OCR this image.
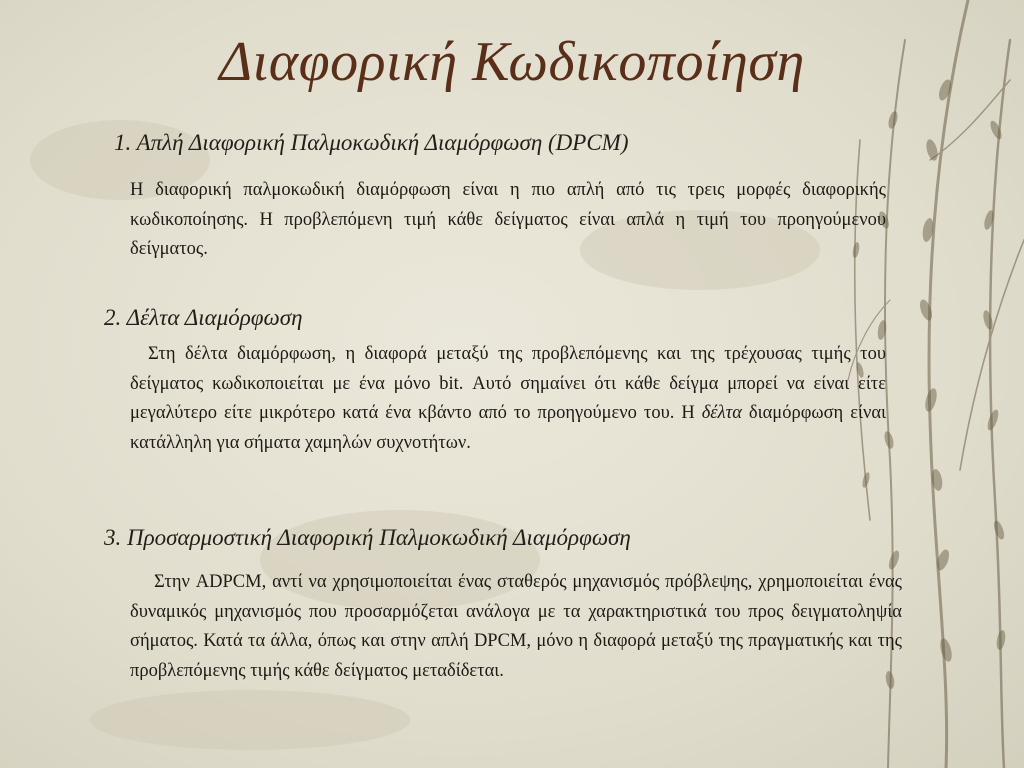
Διαφορική Κωδικοποίηση
1. Απλή Διαφορική Παλμοκωδική Διαμόρφωση (DPCM)
Η διαφορική παλμοκωδική διαμόρφωση είναι η πιο απλή από τις τρεις μορφές διαφορικής κωδικοποίησης. Η προβλεπόμενη τιμή κάθε δείγματος είναι απλά η τιμή του προηγούμενου δείγματος.
2. Δέλτα Διαμόρφωση
Στη δέλτα διαμόρφωση, η διαφορά μεταξύ της προβλεπόμενης και της τρέχουσας τιμής του δείγματος κωδικοποιείται με ένα μόνο bit. Αυτό σημαίνει ότι κάθε δείγμα μπορεί να είναι είτε μεγαλύτερο είτε μικρότερο κατά ένα κβάντο από το προηγούμενο του. Η δέλτα διαμόρφωση είναι κατάλληλη για σήματα χαμηλών συχνοτήτων.
3. Προσαρμοστική Διαφορική Παλμοκωδική Διαμόρφωση
Στην ADPCM, αντί να χρησιμοποιείται ένας σταθερός μηχανισμός πρόβλεψης, χρημοποιείται ένας δυναμικός μηχανισμός που προσαρμόζεται ανάλογα με τα χαρακτηριστικά του προς δειγματοληψία σήματος. Κατά τα άλλα, όπως και στην απλή DPCM, μόνο η διαφορά μεταξύ της πραγματικής και της προβλεπόμενης τιμής κάθε δείγματος μεταδίδεται.
